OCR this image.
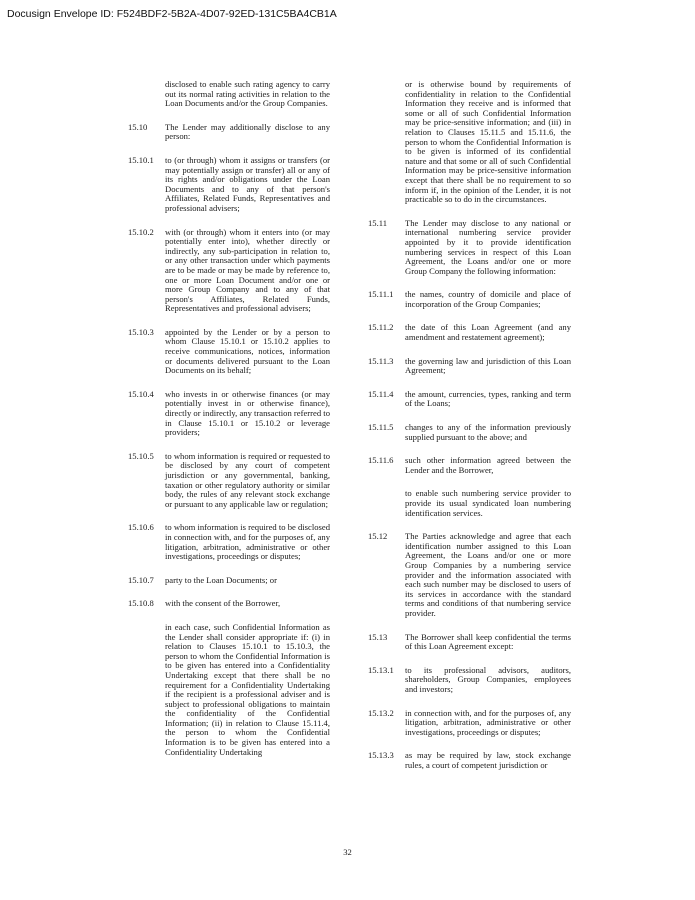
Docusign Envelope ID: F524BDF2-5B2A-4D07-92ED-131C5BA4CB1A
disclosed to enable such rating agency to carry out its normal rating activities in relation to the Loan Documents and/or the Group Companies.
15.10	The Lender may additionally disclose to any person:
15.10.1	to (or through) whom it assigns or transfers (or may potentially assign or transfer) all or any of its rights and/or obligations under the Loan Documents and to any of that person's Affiliates, Related Funds, Representatives and professional advisers;
15.10.2	with (or through) whom it enters into (or may potentially enter into), whether directly or indirectly, any sub-participation in relation to, or any other transaction under which payments are to be made or may be made by reference to, one or more Loan Document and/or one or more Group Company and to any of that person's Affiliates, Related Funds, Representatives and professional advisers;
15.10.3	appointed by the Lender or by a person to whom Clause 15.10.1 or 15.10.2 applies to receive communications, notices, information or documents delivered pursuant to the Loan Documents on its behalf;
15.10.4	who invests in or otherwise finances (or may potentially invest in or otherwise finance), directly or indirectly, any transaction referred to in Clause 15.10.1 or 15.10.2 or leverage providers;
15.10.5	to whom information is required or requested to be disclosed by any court of competent jurisdiction or any governmental, banking, taxation or other regulatory authority or similar body, the rules of any relevant stock exchange or pursuant to any applicable law or regulation;
15.10.6	to whom information is required to be disclosed in connection with, and for the purposes of, any litigation, arbitration, administrative or other investigations, proceedings or disputes;
15.10.7	party to the Loan Documents; or
15.10.8	with the consent of the Borrower,
in each case, such Confidential Information as the Lender shall consider appropriate if: (i) in relation to Clauses 15.10.1 to 15.10.3, the person to whom the Confidential Information is to be given has entered into a Confidentiality Undertaking except that there shall be no requirement for a Confidentiality Undertaking if the recipient is a professional adviser and is subject to professional obligations to maintain the confidentiality of the Confidential Information; (ii) in relation to Clause 15.11.4, the person to whom the Confidential Information is to be given has entered into a Confidentiality Undertaking
or is otherwise bound by requirements of confidentiality in relation to the Confidential Information they receive and is informed that some or all of such Confidential Information may be price-sensitive information; and (iii) in relation to Clauses 15.11.5 and 15.11.6, the person to whom the Confidential Information is to be given is informed of its confidential nature and that some or all of such Confidential Information may be price-sensitive information except that there shall be no requirement to so inform if, in the opinion of the Lender, it is not practicable so to do in the circumstances.
15.11	The Lender may disclose to any national or international numbering service provider appointed by it to provide identification numbering services in respect of this Loan Agreement, the Loans and/or one or more Group Company the following information:
15.11.1	the names, country of domicile and place of incorporation of the Group Companies;
15.11.2	the date of this Loan Agreement (and any amendment and restatement agreement);
15.11.3	the governing law and jurisdiction of this Loan Agreement;
15.11.4	the amount, currencies, types, ranking and term of the Loans;
15.11.5	changes to any of the information previously supplied pursuant to the above; and
15.11.6	such other information agreed between the Lender and the Borrower,
to enable such numbering service provider to provide its usual syndicated loan numbering identification services.
15.12	The Parties acknowledge and agree that each identification number assigned to this Loan Agreement, the Loans and/or one or more Group Companies by a numbering service provider and the information associated with each such number may be disclosed to users of its services in accordance with the standard terms and conditions of that numbering service provider.
15.13	The Borrower shall keep confidential the terms of this Loan Agreement except:
15.13.1	to its professional advisors, auditors, shareholders, Group Companies, employees and investors;
15.13.2	in connection with, and for the purposes of, any litigation, arbitration, administrative or other investigations, proceedings or disputes;
15.13.3	as may be required by law, stock exchange rules, a court of competent jurisdiction or
32
